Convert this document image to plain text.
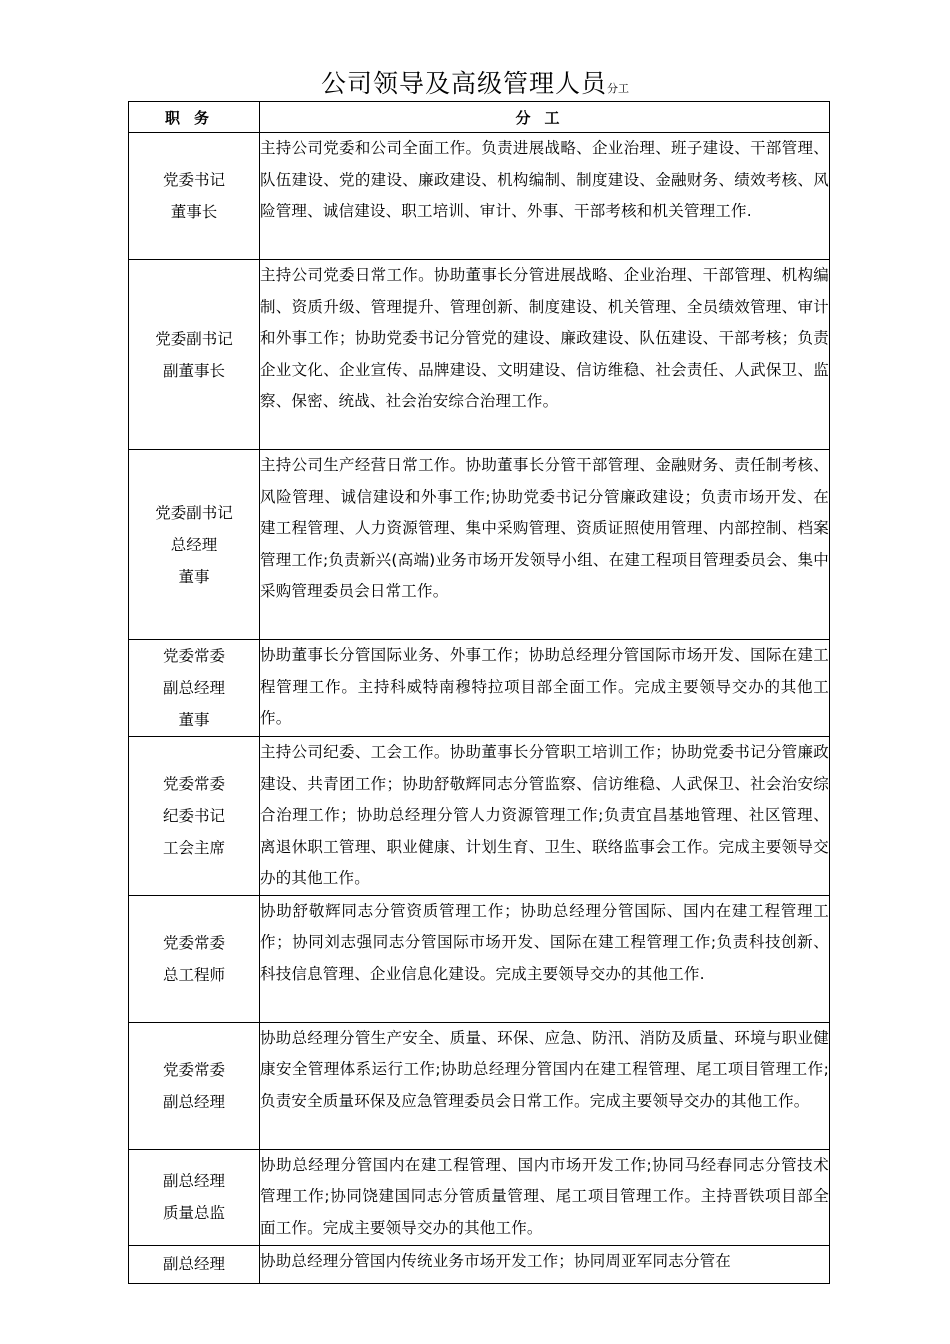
公司领导及高级管理人员分工
职务	分工

党委书记
董事长	主持公司党委和公司全面工作。负责进展战略、企业治理、班子建设、干部管理、队伍建设、党的建设、廉政建设、机构编制、制度建设、金融财务、绩效考核、风险管理、诚信建设、职工培训、审计、外事、干部考核和机关管理工作.

党委副书记
副董事长	主持公司党委日常工作。协助董事长分管进展战略、企业治理、干部管理、机构编制、资质升级、管理提升、管理创新、制度建设、机关管理、全员绩效管理、审计和外事工作；协助党委书记分管党的建设、廉政建设、队伍建设、干部考核；负责企业文化、企业宣传、品牌建设、文明建设、信访维稳、社会责任、人武保卫、监察、保密、统战、社会治安综合治理工作。

党委副书记
总经理
董事	主持公司生产经营日常工作。协助董事长分管干部管理、金融财务、责任制考核、风险管理、诚信建设和外事工作;协助党委书记分管廉政建设；负责市场开发、在建工程管理、人力资源管理、集中采购管理、资质证照使用管理、内部控制、档案管理工作;负责新兴(高端)业务市场开发领导小组、在建工程项目管理委员会、集中采购管理委员会日常工作。

党委常委
副总经理
董事	协助董事长分管国际业务、外事工作；协助总经理分管国际市场开发、国际在建工程管理工作。主持科威特南穆特拉项目部全面工作。完成主要领导交办的其他工作。

党委常委
纪委书记
工会主席	主持公司纪委、工会工作。协助董事长分管职工培训工作；协助党委书记分管廉政建设、共青团工作；协助舒敬辉同志分管监察、信访维稳、人武保卫、社会治安综合治理工作；协助总经理分管人力资源管理工作;负责宜昌基地管理、社区管理、离退休职工管理、职业健康、计划生育、卫生、联络监事会工作。完成主要领导交办的其他工作。

党委常委
总工程师	协助舒敬辉同志分管资质管理工作；协助总经理分管国际、国内在建工程管理工作；协同刘志强同志分管国际市场开发、国际在建工程管理工作;负责科技创新、科技信息管理、企业信息化建设。完成主要领导交办的其他工作.

党委常委
副总经理	协助总经理分管生产安全、质量、环保、应急、防汛、消防及质量、环境与职业健康安全管理体系运行工作;协助总经理分管国内在建工程管理、尾工项目管理工作;负责安全质量环保及应急管理委员会日常工作。完成主要领导交办的其他工作。

副总经理
质量总监	协助总经理分管国内在建工程管理、国内市场开发工作;协同马经春同志分管技术管理工作;协同饶建国同志分管质量管理、尾工项目管理工作。主持晋铁项目部全面工作。完成主要领导交办的其他工作。

副总经理	协助总经理分管国内传统业务市场开发工作；协同周亚军同志分管在
